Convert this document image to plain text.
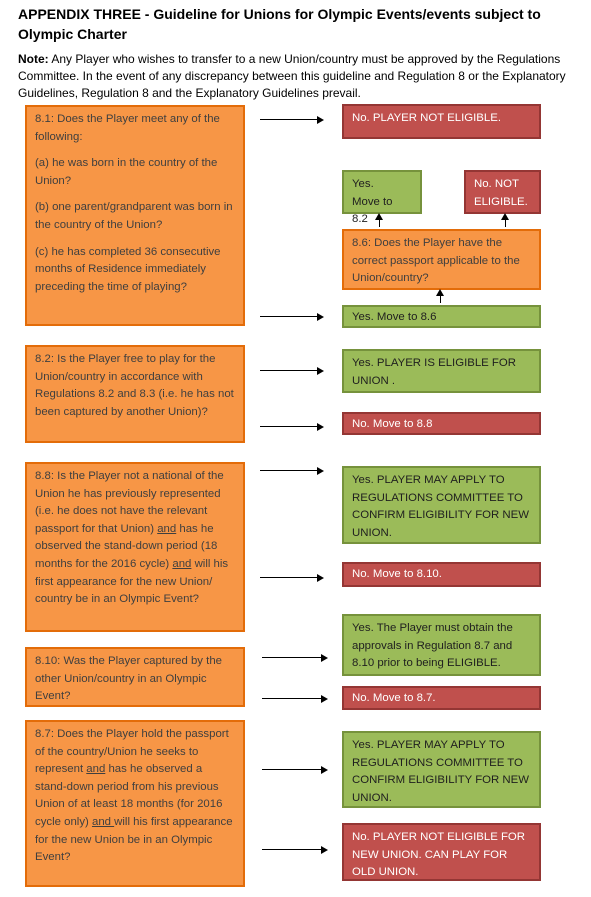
APPENDIX THREE - Guideline for Unions for Olympic Events/events subject to Olympic Charter
Note: Any Player who wishes to transfer to a new Union/country must be approved by the Regulations
Committee. In the event of any discrepancy between this guideline and Regulation 8 or the Explanatory
Guidelines, Regulation 8 and the Explanatory Guidelines prevail.

8.1: Does the Player meet any of the following:

(a) he was born in the country of the Union?

(b) one parent/grandparent was born in the country of the Union?

(c) he has completed 36 consecutive months of Residence immediately preceding the time of playing?

8.2: Is the Player free to play for the Union/country in accordance with Regulations 8.2 and 8.3 (i.e. he has not been captured by another Union)?
8.8: Is the Player not a national of the Union he has previously represented (i.e. he does not have the relevant passport for that Union) and has he observed the stand-down period (18 months for the 2016 cycle) and will his first appearance for the new Union/ country be in an Olympic Event?
8.10: Was the Player captured by the other Union/country in an Olympic Event?
8.7: Does the Player hold the passport of the country/Union he seeks to represent and has he observed a stand-down period from his previous Union of at least 18 months (for 2016 cycle only) and will his first appearance for the new Union be in an Olympic Event?
No. PLAYER NOT ELIGIBLE.
Yes. Move to 8.2
No. NOT ELIGIBLE.
8.6: Does the Player have the correct passport applicable to the Union/country?
Yes. Move to 8.6
Yes. PLAYER IS ELIGIBLE FOR UNION .
No. Move to 8.8
Yes. PLAYER MAY APPLY TO REGULATIONS COMMITTEE TO CONFIRM ELIGIBILITY FOR NEW UNION.
No. Move to 8.10.
Yes. The Player must obtain the approvals in Regulation 8.7 and 8.10 prior to being ELIGIBLE.
No. Move to 8.7.
Yes. PLAYER MAY APPLY TO REGULATIONS COMMITTEE TO CONFIRM ELIGIBILITY FOR NEW UNION.
No. PLAYER NOT ELIGIBLE FOR NEW UNION. CAN PLAY FOR OLD UNION.
